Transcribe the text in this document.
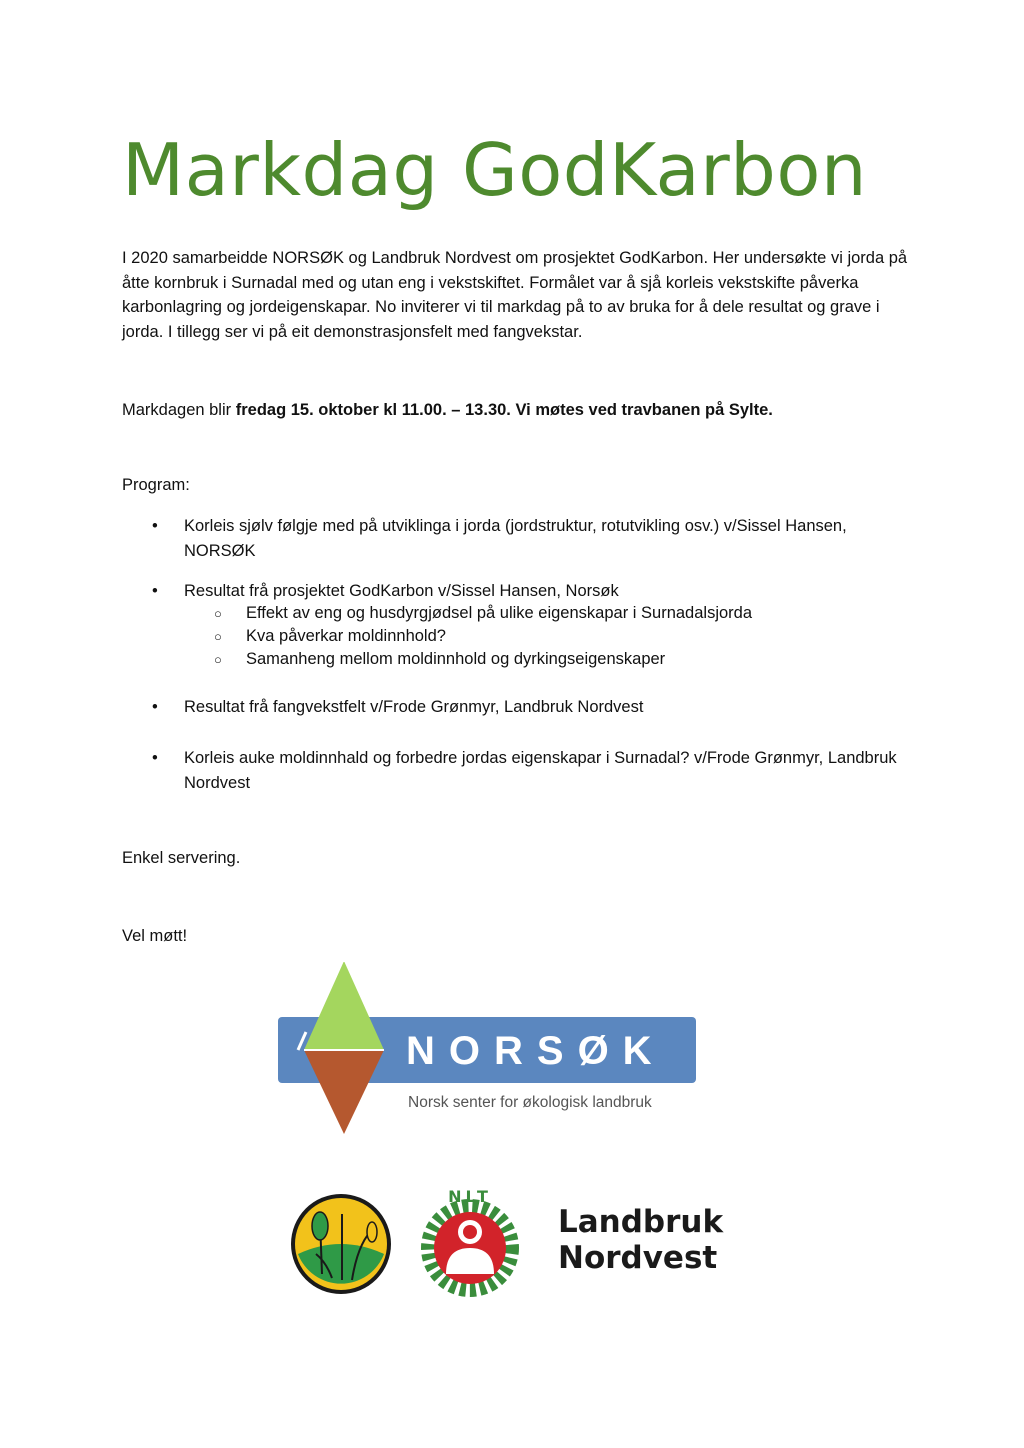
Markdag GodKarbon

I 2020 samarbeidde NORSØK og Landbruk Nordvest om prosjektet GodKarbon. Her undersøkte vi jorda på åtte kornbruk i Surnadal med og utan eng i vekstskiftet. Formålet var å sjå korleis vekstskifte påverka karbonlagring og jordeigenskapar. No inviterer vi til markdag på to av bruka for å dele resultat og grave i jorda. I tillegg ser vi på eit demonstrasjonsfelt med fangvekstar.

Markdagen blir fredag 15. oktober kl 11.00. – 13.30. Vi møtes ved travbanen på Sylte.

Program:

• Korleis sjølv følgje med på utviklinga i jorda (jordstruktur, rotutvikling osv.) v/Sissel Hansen, NORSØK
• Resultat frå prosjektet GodKarbon v/Sissel Hansen, Norsøk
○ Effekt av eng og husdyrgjødsel på ulike eigenskapar i Surnadalsjorda
○ Kva påverkar moldinnhold?
○ Samanheng mellom moldinnhold og dyrkingseigenskaper
• Resultat frå fangvekstfelt v/Frode Grønmyr, Landbruk Nordvest
• Korleis auke moldinnhald og forbedre jordas eigenskapar i Surnadal? v/Frode Grønmyr, Landbruk Nordvest

Enkel servering.

Vel møtt!

NORSØK
Norsk senter for økologisk landbruk
NLT
Landbruk
Nordvest
